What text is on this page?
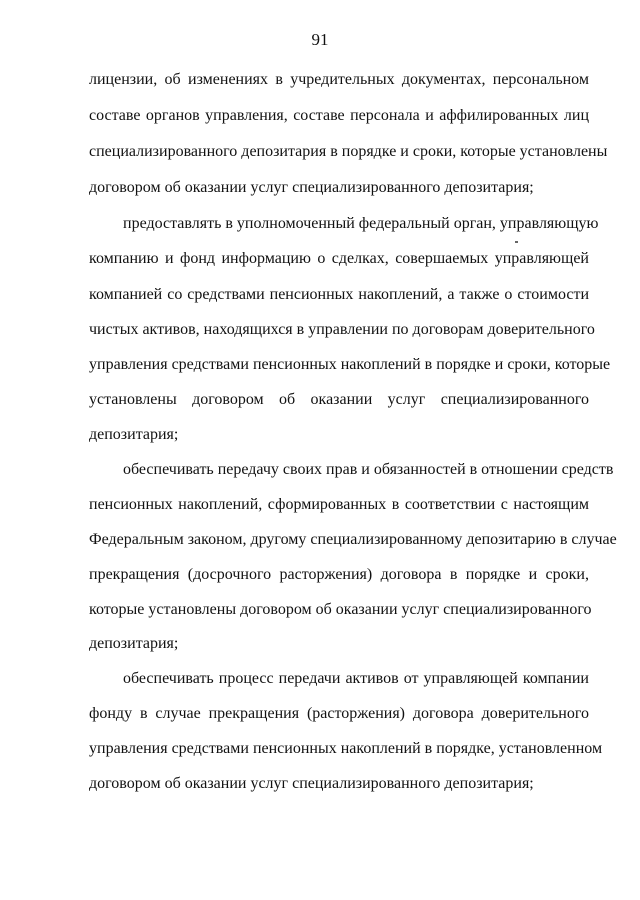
91
лицензии, об изменениях в учредительных документах, персональном
составе органов управления, составе персонала и аффилированных лиц
специализированного депозитария в порядке и сроки, которые установлены
договором об оказании услуг специализированного депозитария;
предоставлять в уполномоченный федеральный орган, управляющую
компанию и фонд информацию о сделках, совершаемых управляющей
компанией со средствами пенсионных накоплений, а также о стоимости
чистых активов, находящихся в управлении по договорам доверительного
управления средствами пенсионных накоплений в порядке и сроки, которые
установлены договором об оказании услуг специализированного
депозитария;
обеспечивать передачу своих прав и обязанностей в отношении средств
пенсионных накоплений, сформированных в соответствии с настоящим
Федеральным законом, другому специализированному депозитарию в случае
прекращения (досрочного расторжения) договора в порядке и сроки,
которые установлены договором об оказании услуг специализированного
депозитария;
обеспечивать процесс передачи активов от управляющей компании
фонду в случае прекращения (расторжения) договора доверительного
управления средствами пенсионных накоплений в порядке, установленном
договором об оказании услуг специализированного депозитария;
